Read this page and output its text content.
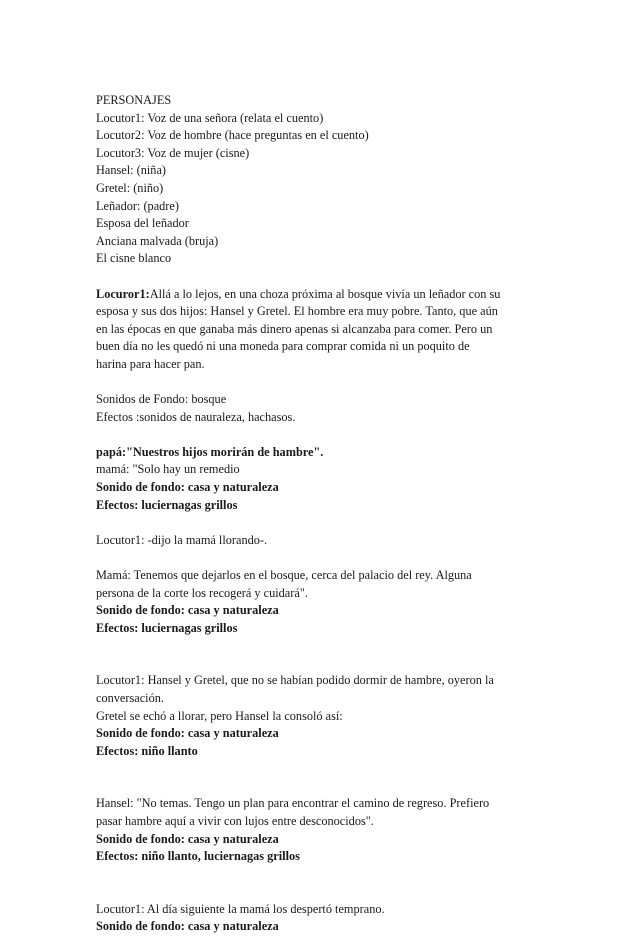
PERSONAJES
Locutor1: Voz de una señora (relata el cuento)
Locutor2: Voz de hombre (hace preguntas en el cuento)
Locutor3: Voz de mujer (cisne)
Hansel: (niña)
Gretel: (niño)
Leñador: (padre)
Esposa del leñador
Anciana malvada (bruja)
El cisne blanco
Locuror1:Allá a lo lejos, en una choza próxima al bosque vivía un leñador con su
esposa y sus dos hijos: Hansel y Gretel. El hombre era muy pobre. Tanto, que aún
en las épocas en que ganaba más dinero apenas si alcanzaba para comer. Pero un
buen día no les quedó ni una moneda para comprar comida ni un poquito de
harina para hacer pan.
Sonidos de Fondo: bosque
Efectos :sonidos de nauraleza, hachasos.
papá:"Nuestros hijos morirán de hambre".
mamá: "Solo hay un remedio
Sonido de fondo: casa y naturaleza
Efectos: luciernagas grillos
Locutor1: -dijo la mamá llorando-.
Mamá: Tenemos que dejarlos en el bosque, cerca del palacio del rey. Alguna
persona de la corte los recogerá y cuidará".
Sonido de fondo: casa y naturaleza
Efectos: luciernagas grillos
Locutor1: Hansel y Gretel, que no se habían podido dormir de hambre, oyeron la
conversación.
Gretel se echó a llorar, pero Hansel la consoló así:
Sonido de fondo: casa y naturaleza
Efectos: niño llanto
Hansel: "No temas. Tengo un plan para encontrar el camino de regreso. Prefiero
pasar hambre aquí a vivir con lujos entre desconocidos".
Sonido de fondo: casa y naturaleza
Efectos: niño llanto, luciernagas grillos
Locutor1: Al día siguiente la mamá los despertó temprano.
Sonido de fondo: casa y naturaleza
